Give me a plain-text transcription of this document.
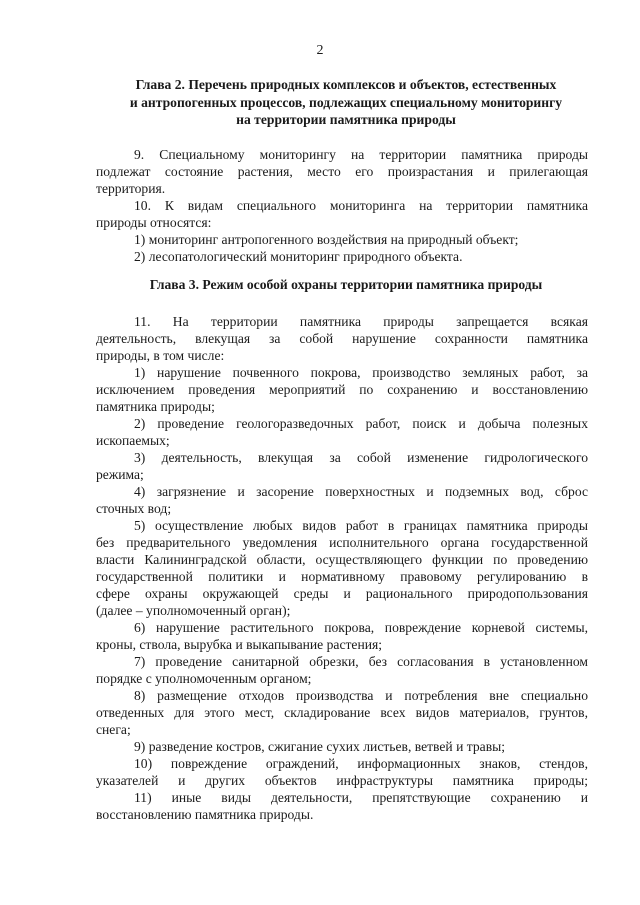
2
Глава 2. Перечень природных комплексов и объектов, естественных
и антропогенных процессов, подлежащих специальному мониторингу
на территории памятника природы
9. Специальному мониторингу на территории памятника природы
подлежат состояние растения, место его произрастания и прилегающая
территория.
10. К видам специального мониторинга на территории памятника
природы относятся:
1) мониторинг антропогенного воздействия на природный объект;
2) лесопатологический мониторинг природного объекта.
Глава 3. Режим особой охраны территории памятника природы
11. На территории памятника природы запрещается всякая
деятельность, влекущая за собой нарушение сохранности памятника
природы, в том числе:
1) нарушение почвенного покрова, производство земляных работ, за
исключением проведения мероприятий по сохранению и восстановлению
памятника природы;
2) проведение геологоразведочных работ, поиск и добыча полезных
ископаемых;
3) деятельность, влекущая за собой изменение гидрологического
режима;
4) загрязнение и засорение поверхностных и подземных вод, сброс
сточных вод;
5) осуществление любых видов работ в границах памятника природы
без предварительного уведомления исполнительного органа государственной
власти Калининградской области, осуществляющего функции по проведению
государственной политики и нормативному правовому регулированию в
сфере охраны окружающей среды и рационального природопользования
(далее – уполномоченный орган);
6) нарушение растительного покрова, повреждение корневой системы,
кроны, ствола, вырубка и выкапывание растения;
7) проведение санитарной обрезки, без согласования в установленном
порядке с уполномоченным органом;
8) размещение отходов производства и потребления вне специально
отведенных для этого мест, складирование всех видов материалов, грунтов,
снега;
9) разведение костров, сжигание сухих листьев, ветвей и травы;
10) повреждение ограждений, информационных знаков, стендов,
указателей и других объектов инфраструктуры памятника природы;
11) иные виды деятельности, препятствующие сохранению и
восстановлению памятника природы.
